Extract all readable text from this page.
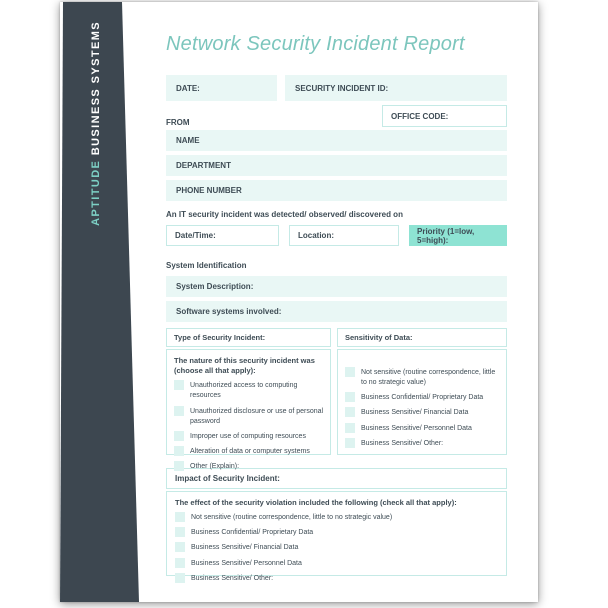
APTITUDE BUSINESS SYSTEMS	Network Security Incident Report
DATE:	SECURITY INCIDENT ID:
FROM
OFFICE CODE:
NAME
DEPARTMENT
PHONE NUMBER
An IT security incident was detected/ observed/ discovered on
Date/Time:	Location:	Priority (1=low, 5=high):
System Identification
System Description:
Software systems involved:
Type of Security Incident:
The nature of this security incident was (choose all that apply):
Unauthorized access to computing resources
Unauthorized disclosure or use of personal password
Improper use of computing resources
Alteration of data or computer systems
Other (Explain):
Sensitivity of Data:
Not sensitive (routine correspondence, little to no strategic value)
Business Confidential/ Proprietary Data
Business Sensitive/ Financial Data
Business Sensitive/ Personnel Data
Business Sensitive/ Other:
Impact of Security Incident:
The effect of the security violation included the following (check all that apply):
Not sensitive (routine correspondence, little to no strategic value)
Business Confidential/ Proprietary Data
Business Sensitive/ Financial Data
Business Sensitive/ Personnel Data
Business Sensitive/ Other:
